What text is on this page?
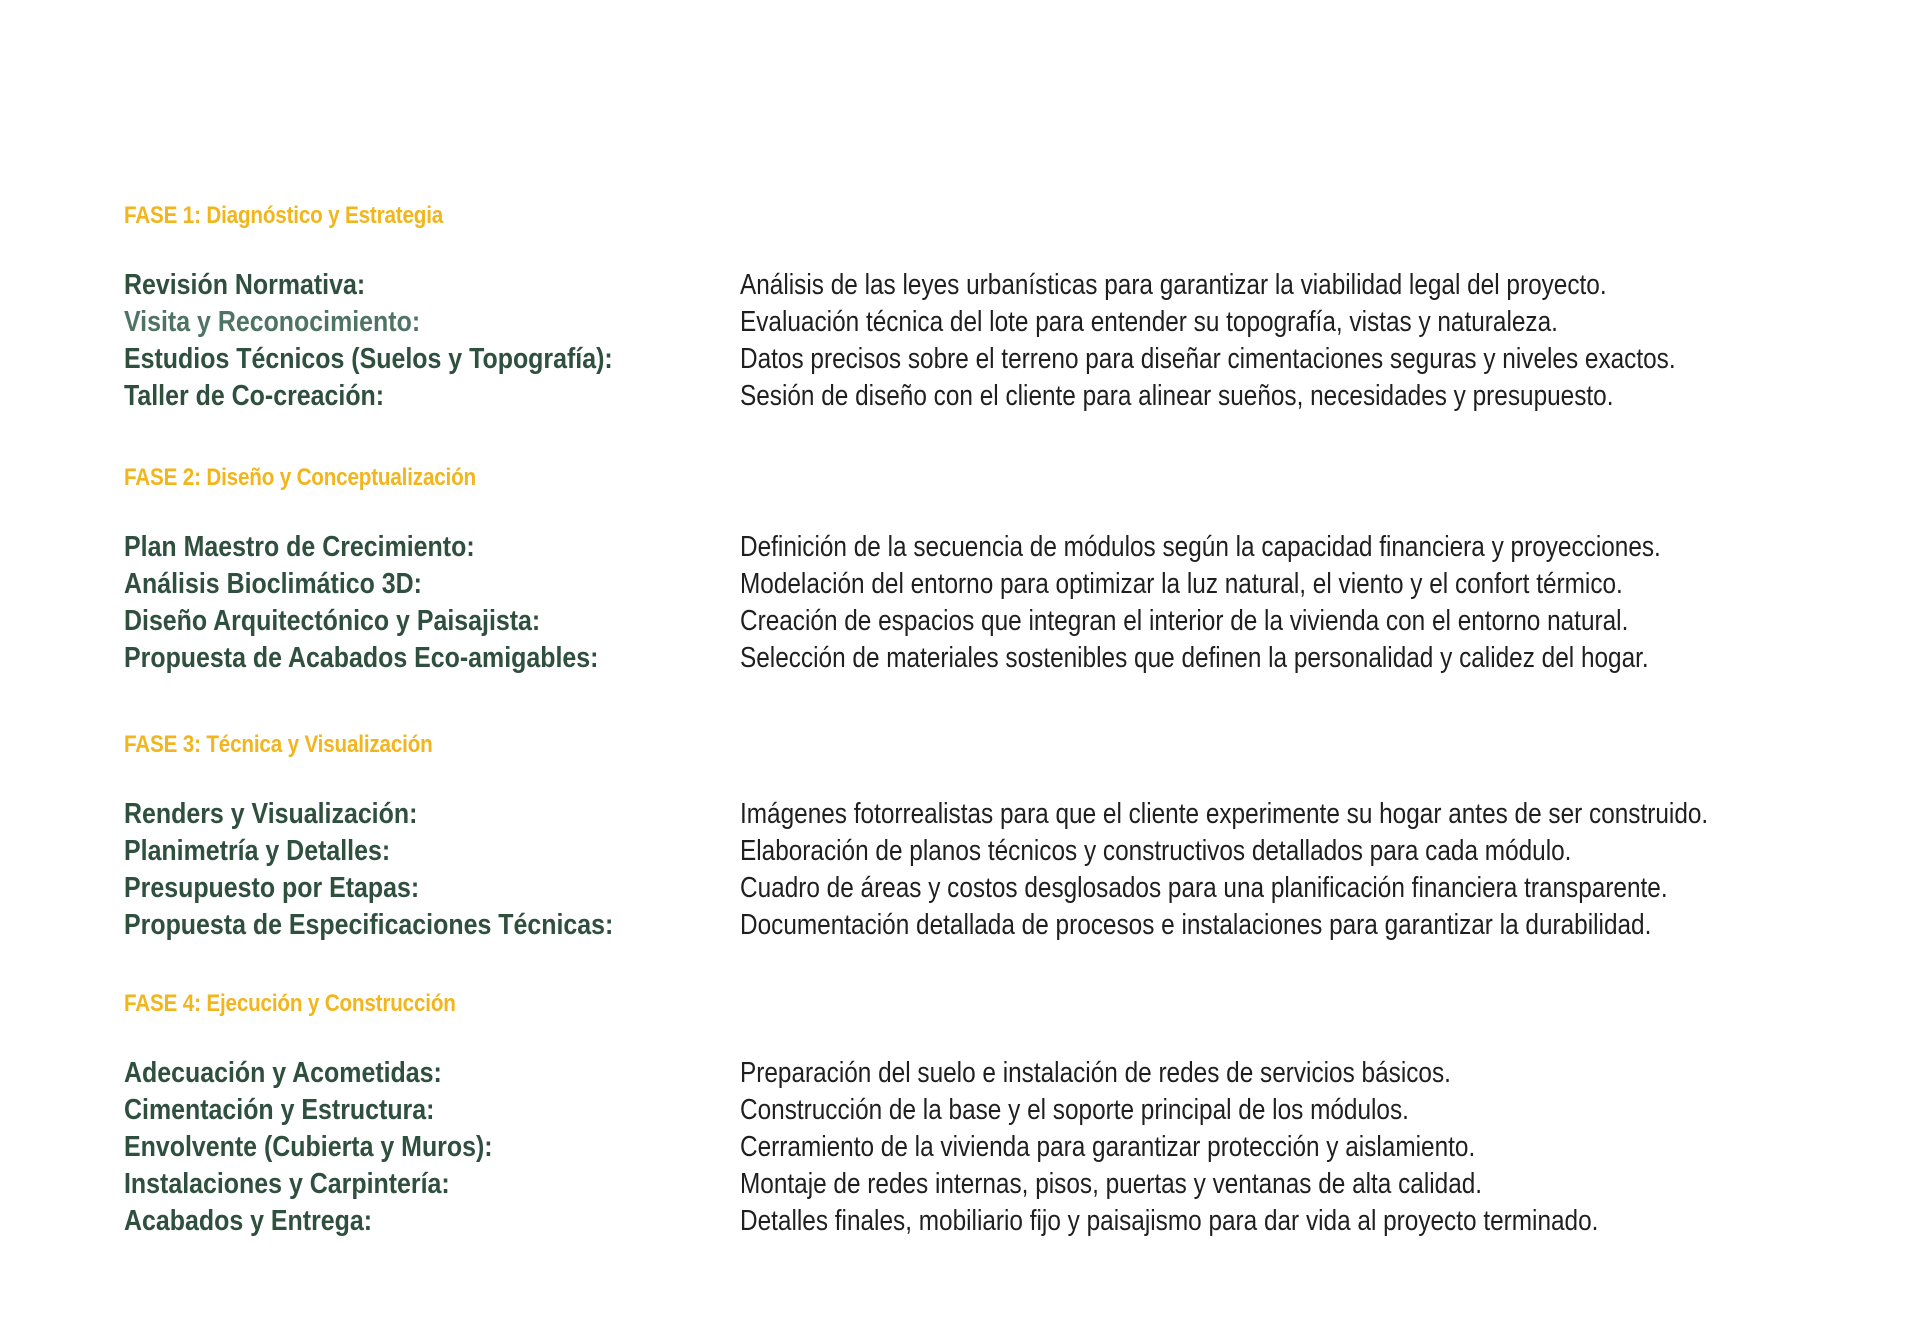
FASE 1: Diagnóstico y Estrategia
Revisión Normativa:	Análisis de las leyes urbanísticas para garantizar la viabilidad legal del proyecto.
Visita y Reconocimiento:	Evaluación técnica del lote para entender su topografía, vistas y naturaleza.
Estudios Técnicos (Suelos y Topografía):	Datos precisos sobre el terreno para diseñar cimentaciones seguras y niveles exactos.
Taller de Co-creación:	Sesión de diseño con el cliente para alinear sueños, necesidades y presupuesto.
FASE 2: Diseño y Conceptualización
Plan Maestro de Crecimiento:	Definición de la secuencia de módulos según la capacidad financiera y proyecciones.
Análisis Bioclimático 3D:	Modelación del entorno para optimizar la luz natural, el viento y el confort térmico.
Diseño Arquitectónico y Paisajista:	Creación de espacios que integran el interior de la vivienda con el entorno natural.
Propuesta de Acabados Eco-amigables:	Selección de materiales sostenibles que definen la personalidad y calidez del hogar.
FASE 3: Técnica y Visualización
Renders y Visualización:	Imágenes fotorrealistas para que el cliente experimente su hogar antes de ser construido.
Planimetría y Detalles:	Elaboración de planos técnicos y constructivos detallados para cada módulo.
Presupuesto por Etapas:	Cuadro de áreas y costos desglosados para una planificación financiera transparente.
Propuesta de Especificaciones Técnicas:	Documentación detallada de procesos e instalaciones para garantizar la durabilidad.
FASE 4: Ejecución y Construcción
Adecuación y Acometidas:	Preparación del suelo e instalación de redes de servicios básicos.
Cimentación y Estructura:	Construcción de la base y el soporte principal de los módulos.
Envolvente (Cubierta y Muros):	Cerramiento de la vivienda para garantizar protección y aislamiento.
Instalaciones y Carpintería:	Montaje de redes internas, pisos, puertas y ventanas de alta calidad.
Acabados y Entrega:	Detalles finales, mobiliario fijo y paisajismo para dar vida al proyecto terminado.
